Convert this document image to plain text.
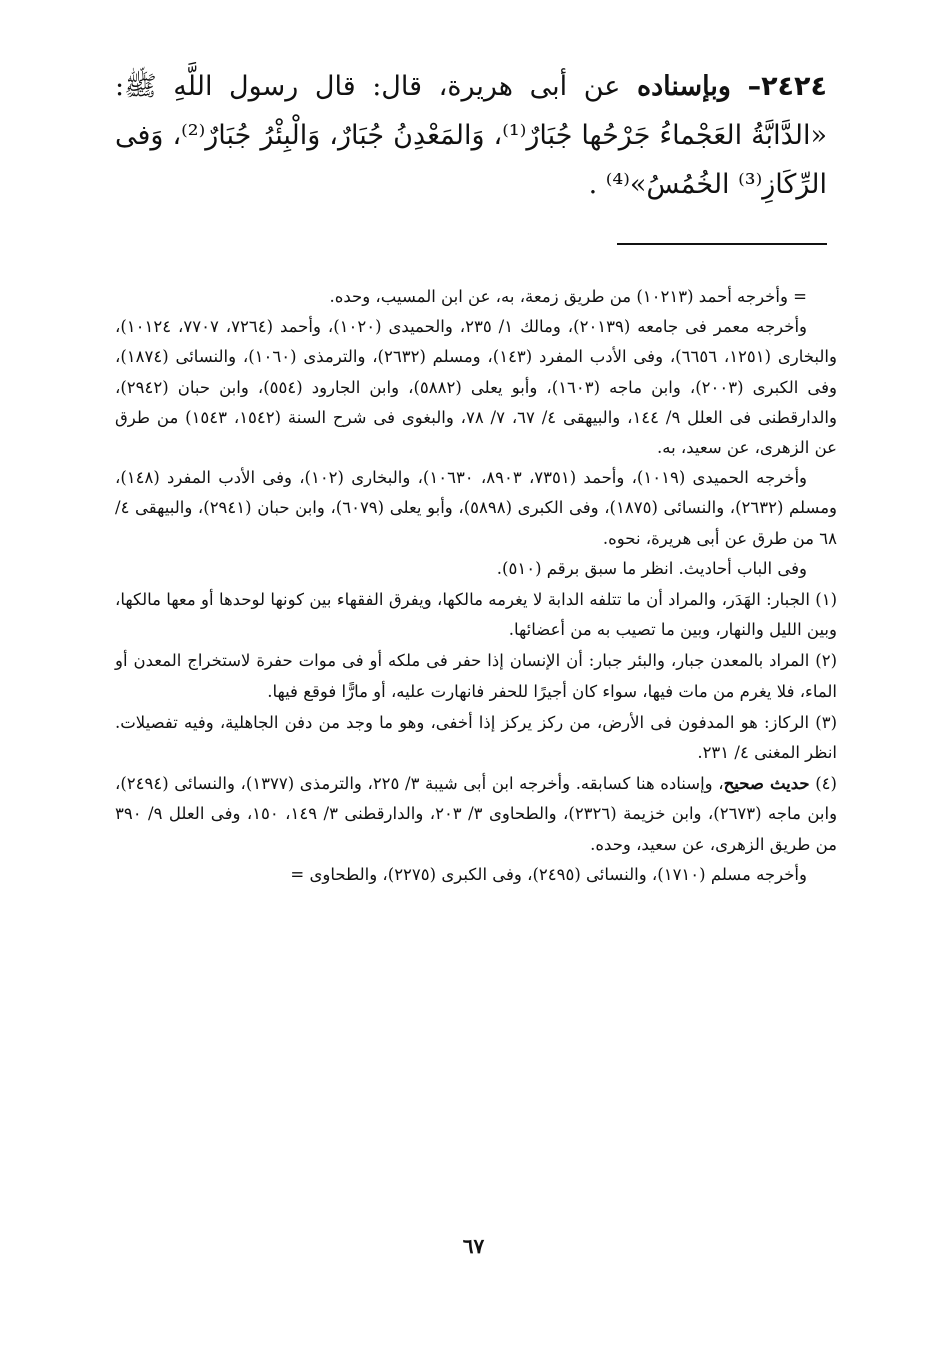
٢٤٢٤– وبإسناده عن أبى هريرة، قال: قال رسول اللَّهِ ﷺ: «الدَّابَّةُ العَجْماءُ جَرْحُها جُبَارٌ⁽¹⁾، وَالمَعْدِنُ جُبَارٌ، وَالْبِئْرُ جُبَارٌ⁽²⁾، وَفى الرِّكَازِ⁽³⁾ الخُمُسُ»⁽⁴⁾ .

= وأخرجه أحمد (١٠٢١٣) من طريق زمعة، به، عن ابن المسيب، وحده.

وأخرجه معمر فى جامعه (٢٠١٣٩)، ومالك ١/ ٢٣٥، والحميدى (١٠٢٠)، وأحمد (٧٢٦٤، ٧٧٠٧، ١٠١٢٤)، والبخارى (١٢٥١، ٦٦٥٦)، وفى الأدب المفرد (١٤٣)، ومسلم (٢٦٣٢)، والترمذى (١٠٦٠)، والنسائى (١٨٧٤)، وفى الكبرى (٢٠٠٣)، وابن ماجه (١٦٠٣)، وأبو يعلى (٥٨٨٢)، وابن الجارود (٥٥٤)، وابن حبان (٢٩٤٢)، والدارقطنى فى العلل ٩/ ١٤٤، والبيهقى ٤/ ٦٧، ٧/ ٧٨، والبغوى فى شرح السنة (١٥٤٢، ١٥٤٣) من طرق عن الزهرى، عن سعيد، به.

وأخرجه الحميدى (١٠١٩)، وأحمد (٧٣٥١، ٨٩٠٣، ١٠٦٣٠)، والبخارى (١٠٢)، وفى الأدب المفرد (١٤٨)، ومسلم (٢٦٣٢)، والنسائى (١٨٧٥)، وفى الكبرى (٥٨٩٨)، وأبو يعلى (٦٠٧٩)، وابن حبان (٢٩٤١)، والبيهقى ٤/ ٦٨ من طرق عن أبى هريرة، نحوه.

وفى الباب أحاديث. انظر ما سبق برقم (٥١٠).

(١) الجبار: الهَدَر، والمراد أن ما تتلفه الدابة لا يغرمه مالكها، ويفرق الفقهاء بين كونها لوحدها أو معها مالكها، وبين الليل والنهار، وبين ما تصيب به من أعضائها.

(٢) المراد بالمعدن جبار، والبئر جبار: أن الإنسان إذا حفر فى ملكه أو فى موات حفرة لاستخراج المعدن أو الماء، فلا يغرم من مات فيها، سواء كان أجيرًا للحفر فانهارت عليه، أو مارًّا فوقع فيها.

(٣) الركاز: هو المدفون فى الأرض، من ركز يركز إذا أخفى، وهو ما وجد من دفن الجاهلية، وفيه تفصيلات. انظر المغنى ٤/ ٢٣١.

(٤) حديث صحيح، وإسناده هنا كسابقه. وأخرجه ابن أبى شيبة ٣/ ٢٢٥، والترمذى (١٣٧٧)، والنسائى (٢٤٩٤)، وابن ماجه (٢٦٧٣)، وابن خزيمة (٢٣٢٦)، والطحاوى ٣/ ٢٠٣، والدارقطنى ٣/ ١٤٩، ١٥٠، وفى العلل ٩/ ٣٩٠ من طريق الزهرى، عن سعيد، وحده.

وأخرجه مسلم (١٧١٠)، والنسائى (٢٤٩٥)، وفى الكبرى (٢٢٧٥)، والطحاوى =

٦٧
